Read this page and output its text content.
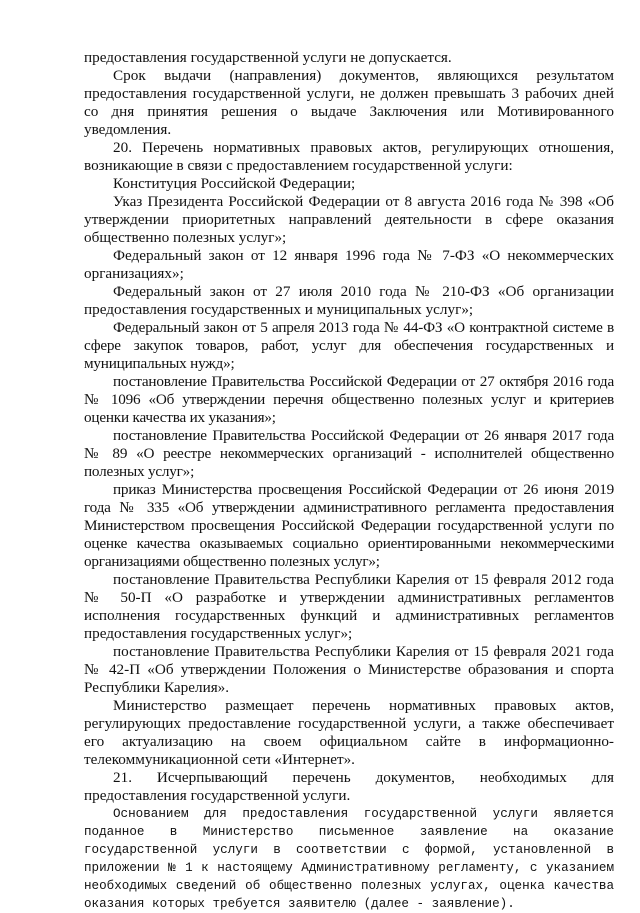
предоставления государственной услуги не допускается.

Срок выдачи (направления) документов, являющихся результатом предоставления государственной услуги, не должен превышать 3 рабочих дней со дня принятия решения о выдаче Заключения или Мотивированного уведомления.

20. Перечень нормативных правовых актов, регулирующих отношения, возникающие в связи с предоставлением государственной услуги:

Конституция Российской Федерации;

Указ Президента Российской Федерации от 8 августа 2016 года № 398 «Об утверждении приоритетных направлений деятельности в сфере оказания общественно полезных услуг»;

Федеральный закон от 12 января 1996 года № 7-ФЗ «О некоммерческих организациях»;

Федеральный закон от 27 июля 2010 года № 210-ФЗ «Об организации предоставления государственных и муниципальных услуг»;

Федеральный закон от 5 апреля 2013 года № 44-ФЗ «О контрактной системе в сфере закупок товаров, работ, услуг для обеспечения государственных и муниципальных нужд»;

постановление Правительства Российской Федерации от 27 октября 2016 года № 1096 «Об утверждении перечня общественно полезных услуг и критериев оценки качества их указания»;

постановление Правительства Российской Федерации от 26 января 2017 года № 89 «О реестре некоммерческих организаций - исполнителей общественно полезных услуг»;

приказ Министерства просвещения Российской Федерации от 26 июня 2019 года № 335 «Об утверждении административного регламента предоставления Министерством просвещения Российской Федерации государственной услуги по оценке качества оказываемых социально ориентированными некоммерческими организациями общественно полезных услуг»;

постановление Правительства Республики Карелия от 15 февраля 2012 года № 50-П «О разработке и утверждении административных регламентов исполнения государственных функций и административных регламентов предоставления государственных услуг»;

постановление Правительства Республики Карелия от 15 февраля 2021 года № 42-П «Об утверждении Положения о Министерстве образования и спорта Республики Карелия».

Министерство размещает перечень нормативных правовых актов, регулирующих предоставление государственной услуги, а также обеспечивает его актуализацию на своем официальном сайте в информационно-телекоммуникационной сети «Интернет».

21. Исчерпывающий перечень документов, необходимых для предоставления государственной услуги.

Основанием для предоставления государственной услуги является поданное в Министерство письменное заявление на оказание государственной услуги в соответствии с формой, установленной в приложении № 1 к настоящему Административному регламенту, с указанием необходимых сведений об общественно полезных услугах, оценка качества оказания которых требуется заявителю (далее - заявление).
